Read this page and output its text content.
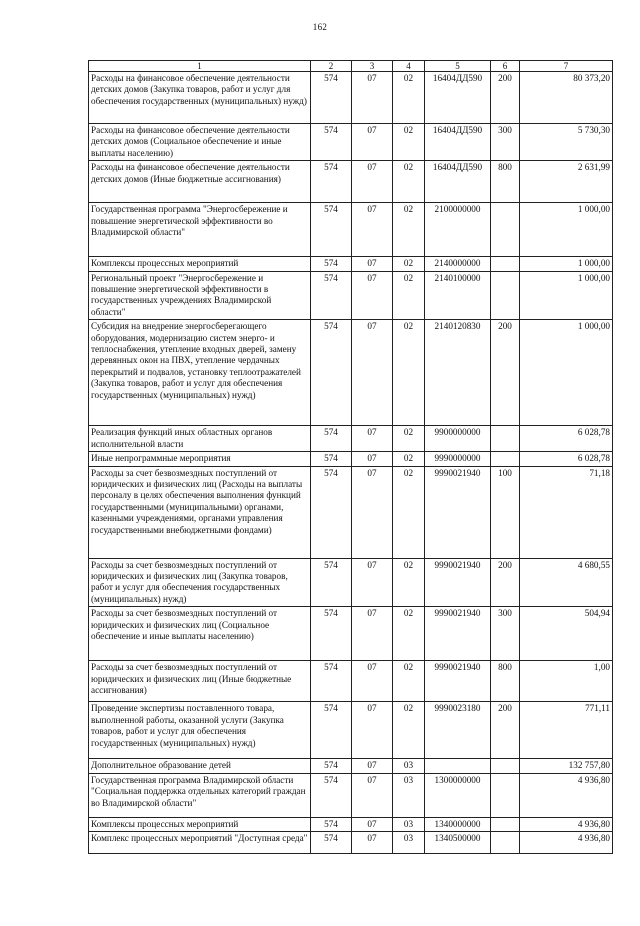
162
1	2	3	4	5	6	7
Расходы на финансовое обеспечение деятельности детских домов (Закупка товаров, работ и услуг для обеспечения государственных (муниципальных) нужд)	574	07	02	16404ДД590	200	80 373,20
Расходы на финансовое обеспечение деятельности детских домов (Социальное обеспечение и иные выплаты населению)	574	07	02	16404ДД590	300	5 730,30
Расходы на финансовое обеспечение деятельности детских домов (Иные бюджетные ассигнования)	574	07	02	16404ДД590	800	2 631,99
Государственная программа "Энергосбережение и повышение энергетической эффективности во Владимирской области"	574	07	02	2100000000		1 000,00
Комплексы процессных мероприятий	574	07	02	2140000000		1 000,00
Региональный проект "Энергосбережение и повышение энергетической эффективности в государственных учреждениях Владимирской области"	574	07	02	2140100000		1 000,00
Субсидия на внедрение энергосберегающего оборудования, модернизацию систем энерго- и теплоснабжения, утепление входных дверей, замену деревянных окон на ПВХ, утепление чердачных перекрытий и подвалов, установку теплоотражателей (Закупка товаров, работ и услуг для обеспечения государственных (муниципальных) нужд)	574	07	02	2140120830	200	1 000,00
Реализация функций иных областных органов исполнительной власти	574	07	02	9900000000		6 028,78
Иные непрограммные мероприятия	574	07	02	9990000000		6 028,78
Расходы за счет безвозмездных поступлений от юридических и физических лиц (Расходы на выплаты персоналу в целях обеспечения выполнения функций государственными (муниципальными) органами, казенными учреждениями, органами управления государственными внебюджетными фондами)	574	07	02	9990021940	100	71,18
Расходы за счет безвозмездных поступлений от юридических и физических лиц (Закупка товаров, работ и услуг для обеспечения государственных (муниципальных) нужд)	574	07	02	9990021940	200	4 680,55
Расходы за счет безвозмездных поступлений от юридических и физических лиц (Социальное обеспечение и иные выплаты населению)	574	07	02	9990021940	300	504,94
Расходы за счет безвозмездных поступлений от юридических и физических лиц (Иные бюджетные ассигнования)	574	07	02	9990021940	800	1,00
Проведение экспертизы поставленного товара, выполненной работы, оказанной услуги (Закупка товаров, работ и услуг для обеспечения государственных (муниципальных) нужд)	574	07	02	9990023180	200	771,11
Дополнительное образование детей	574	07	03			132 757,80
Государственная программа Владимирской области "Социальная поддержка отдельных категорий граждан во Владимирской области"	574	07	03	1300000000		4 936,80
Комплексы процессных мероприятий	574	07	03	1340000000		4 936,80
Комплекс процессных мероприятий "Доступная среда"	574	07	03	1340500000		4 936,80
